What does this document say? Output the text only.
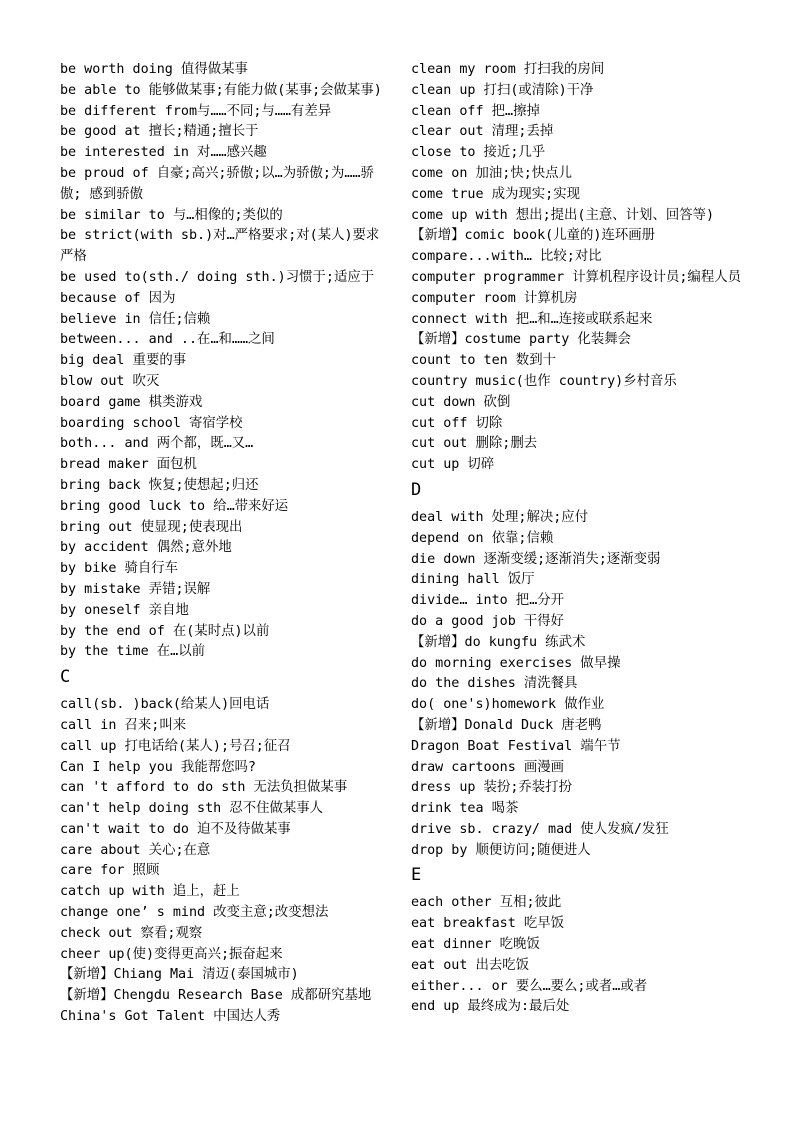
be worth doing 值得做某事
be able to 能够做某事;有能力做(某事;会做某事)
be different from与……不同;与……有差异
be good at 擅长;精通;擅长于
be interested in 对……感兴趣
be proud of 自豪;高兴;骄傲;以…为骄傲;为……骄傲; 感到骄傲
be similar to 与…相像的;类似的
be strict(with sb.)对…严格要求;对(某人)要求严格
be used to(sth./ doing sth.)习惯于;适应于
because of 因为
believe in 信任;信赖
between... and ..在…和……之间
big deal 重要的事
blow out 吹灭
board game 棋类游戏
boarding school 寄宿学校
both... and 两个都，既…又…
bread maker 面包机
bring back 恢复;使想起;归还
bring good luck to 给…带来好运
bring out 使显现;使表现出
by accident 偶然;意外地
by bike 骑自行车
by mistake 弄错;误解
by oneself 亲自地
by the end of 在(某时点)以前
by the time 在…以前
C
call(sb. )back(给某人)回电话
call in 召来;叫来
call up 打电话给(某人);号召;征召
Can I help you 我能帮您吗?
can 't afford to do sth 无法负担做某事
can't help doing sth 忍不住做某事人
can't wait to do 迫不及待做某事
care about 关心;在意
care for 照顾
catch up with 追上，赶上
change one’ s mind 改变主意;改变想法
check out 察看;观察
cheer up(使)变得更高兴;振奋起来
【新增】Chiang Mai 清迈(泰国城市)
【新增】Chengdu Research Base 成都研究基地
China's Got Talent 中国达人秀
clean my room 打扫我的房间
clean up 打扫(或清除)干净
clean off 把…擦掉
clear out 清理;丢掉
close to 接近;几乎
come on 加油;快;快点儿
come true 成为现实;实现
come up with 想出;提出(主意、计划、回答等)
【新增】comic book(儿童的)连环画册
compare...with… 比较;对比
computer programmer 计算机程序设计员;编程人员
computer room 计算机房
connect with 把…和…连接或联系起来
【新增】costume party 化装舞会
count to ten 数到十
country music(也作 country)乡村音乐
cut down 砍倒
cut off 切除
cut out 删除;删去
cut up 切碎
D
deal with 处理;解决;应付
depend on 依靠;信赖
die down 逐渐变缓;逐渐消失;逐渐变弱
dining hall 饭厅
divide… into 把…分开
do a good job 干得好
【新增】do kungfu 练武术
do morning exercises 做早操
do the dishes 清洗餐具
do( one's)homework 做作业
【新增】Donald Duck 唐老鸭
Dragon Boat Festival 端午节
draw cartoons 画漫画
dress up 装扮;乔装打扮
drink tea 喝茶
drive sb. crazy/ mad 使人发疯/发狂
drop by 顺便访问;随便进人
E
each other 互相;彼此
eat breakfast 吃早饭
eat dinner 吃晚饭
eat out 出去吃饭
either... or 要么…要么;或者…或者
end up 最终成为:最后处
